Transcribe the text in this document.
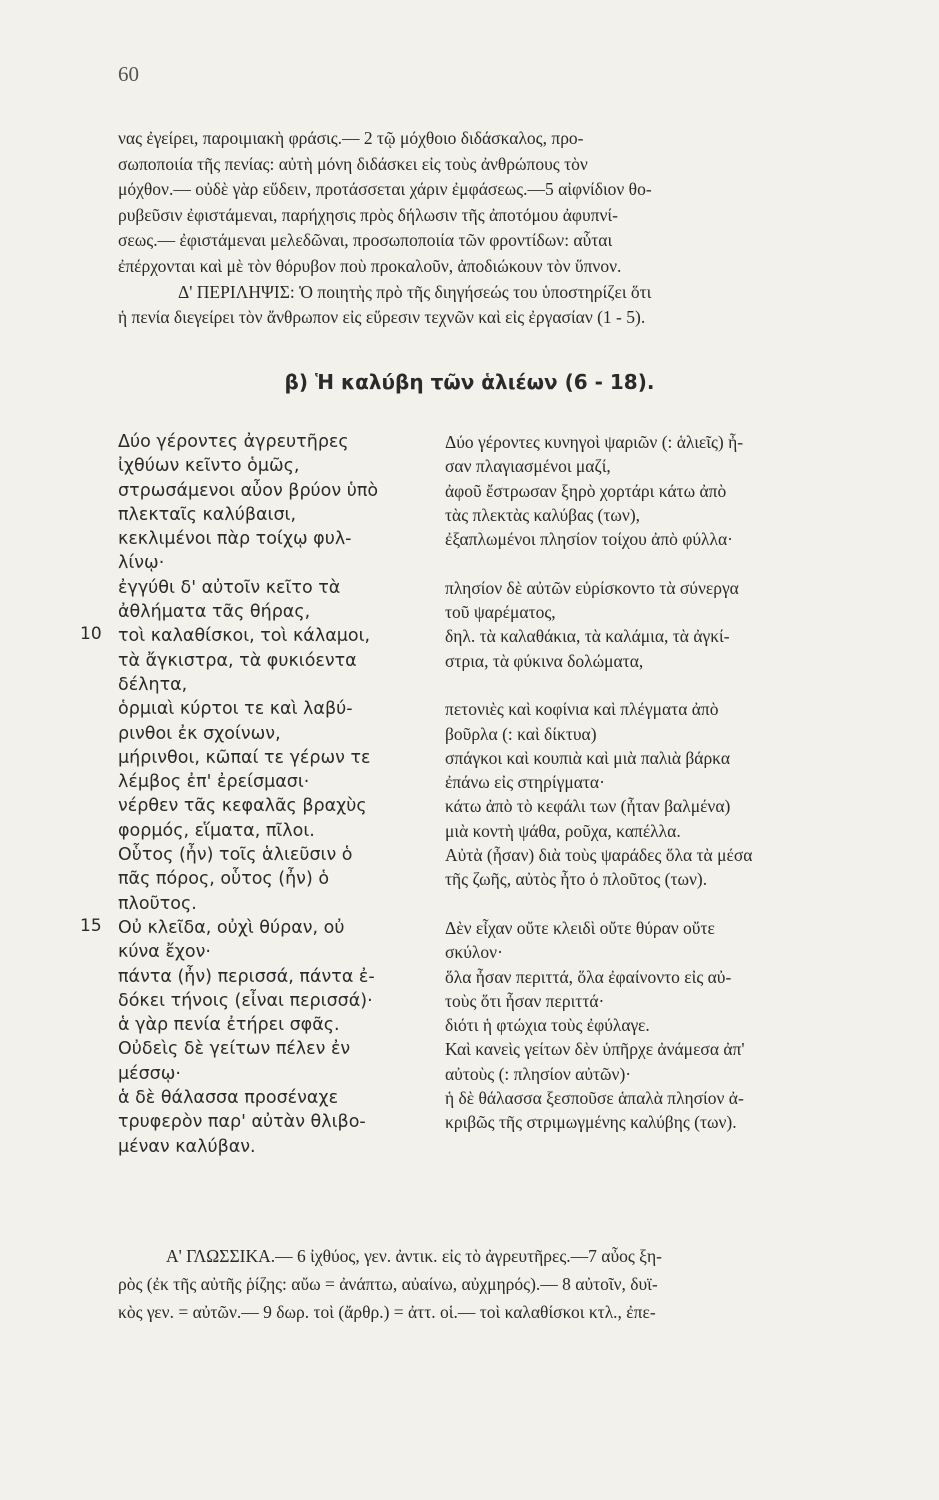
60
νας ἐγείρει, παροιμιακὴ φράσις.— 2 τῷ μόχθοιο διδάσκαλος, προ-
σωποποιία τῆς πενίας: αὐτὴ μόνη διδάσκει εἰς τοὺς ἀνθρώπους τὸν
μόχθον.— οὐδὲ γὰρ εὕδειν, προτάσσεται χάριν ἐμφάσεως.—5 αἰφνίδιον θο-
ρυβεῦσιν ἐφιστάμεναι, παρήχησις πρὸς δήλωσιν τῆς ἀποτόμου ἀφυπνί-
σεως.— ἐφιστάμεναι μελεδῶναι, προσωποποιία τῶν φροντίδων: αὗται
ἐπέρχονται καὶ μὲ τὸν θόρυβον ποὺ προκαλοῦν, ἀποδιώκουν τὸν ὕπνον.
Δ' ΠΕΡΙΛΗΨΙΣ: Ὁ ποιητὴς πρὸ τῆς διηγήσεώς του ὑποστηρίζει ὅτι
ἡ πενία διεγείρει τὸν ἄνθρωπον εἰς εὕρεσιν τεχνῶν καὶ εἰς ἐργασίαν (1 - 5).
β) Ἡ καλύβη τῶν ἁλιέων (6 - 18).
Δύο γέροντες ἀγρευτῆρες
ἰχθύων κεῖντο ὁμῶς,
στρωσάμενοι αὖον βρύον ὑπὸ
πλεκταῖς καλύβαισι,
κεκλιμένοι πὰρ τοίχῳ φυλ-
λίνῳ·
ἐγγύθι δ' αὐτοῖν κεῖτο τὰ
ἀθλήματα τᾶς θήρας,
τοὶ καλαθίσκοι, τοὶ κάλαμοι,
τὰ ἄγκιστρα, τὰ φυκιόεντα
δέλητα,
ὁρμιαὶ κύρτοι τε καὶ λαβύ-
ρινθοι ἐκ σχοίνων,
μήρινθοι, κῶπαί τε γέρων τε
λέμβος ἐπ' ἐρείσμασι·
νέρθεν τᾶς κεφαλᾶς βραχὺς
φορμός, εἵματα, πῖλοι.
Οὗτος (ἦν) τοῖς ἁλιεῦσιν ὁ
πᾶς πόρος, οὗτος (ἦν) ὁ
πλοῦτος.
Οὐ κλεῖδα, οὐχὶ θύραν, οὐ
κύνα ἔχον·
πάντα (ἦν) περισσά, πάντα ἐ-
δόκει τήνοις (εἶναι περισσά)·
ἁ γὰρ πενία ἐτήρει σφᾶς.
Οὐδεὶς δὲ γείτων πέλεν ἐν
μέσσῳ·
ἁ δὲ θάλασσα προσέναχε
τρυφερὸν παρ' αὐτὰν θλιβο-
μέναν καλύβαν.
Δύο γέροντες κυνηγοὶ ψαριῶν (: ἁλιεῖς) ἦ-
σαν πλαγιασμένοι μαζί,
ἀφοῦ ἔστρωσαν ξηρὸ χορτάρι κάτω ἀπὸ
τὰς πλεκτὰς καλύβας (των),
ἐξαπλωμένοι πλησίον τοίχου ἀπὸ φύλλα·

πλησίον δὲ αὐτῶν εὑρίσκοντο τὰ σύνεργα
τοῦ ψαρέματος,
δηλ. τὰ καλαθάκια, τὰ καλάμια, τὰ ἀγκί-
στρια, τὰ φύκινα δολώματα,

πετονιὲς καὶ κοφίνια καὶ πλέγματα ἀπὸ
βοῦρλα (: καὶ δίκτυα)
σπάγκοι καὶ κουπιὰ καὶ μιὰ παλιὰ βάρκα
ἐπάνω εἰς στηρίγματα·
κάτω ἀπὸ τὸ κεφάλι των (ἦταν βαλμένα)
μιὰ κοντὴ ψάθα, ροῦχα, καπέλλα.
Αὐτὰ (ἦσαν) διὰ τοὺς ψαράδες ὅλα τὰ μέσα
τῆς ζωῆς, αὐτὸς ἦτο ὁ πλοῦτος (των).

Δὲν εἶχαν οὔτε κλειδὶ οὔτε θύραν οὔτε
σκύλον·
ὅλα ἦσαν περιττά, ὅλα ἐφαίνοντο εἰς αὐ-
τοὺς ὅτι ἦσαν περιττά·
διότι ἡ φτώχια τοὺς ἐφύλαγε.
Καὶ κανεὶς γείτων δὲν ὑπῆρχε ἀνάμεσα ἀπ'
αὐτοὺς (: πλησίον αὐτῶν)·
ἡ δὲ θάλασσα ξεσποῦσε ἁπαλὰ πλησίον ἀ-
κριβῶς τῆς στριμωγμένης καλύβης (των).

10
15
Α' ΓΛΩΣΣΙΚΑ.— 6 ἰχθύος, γεν. ἀντικ. εἰς τὸ ἀγρευτῆρες.—7 αὖος ξη-
ρὸς (ἐκ τῆς αὐτῆς ῥίζης: αὔω = ἀνάπτω, αὐαίνω, αὐχμηρός).— 8 αὐτοῖν, δυϊ-
κὸς γεν. = αὐτῶν.— 9 δωρ. τοὶ (ἄρθρ.) = ἀττ. οἱ.— τοὶ καλαθίσκοι κτλ., ἐπε-
